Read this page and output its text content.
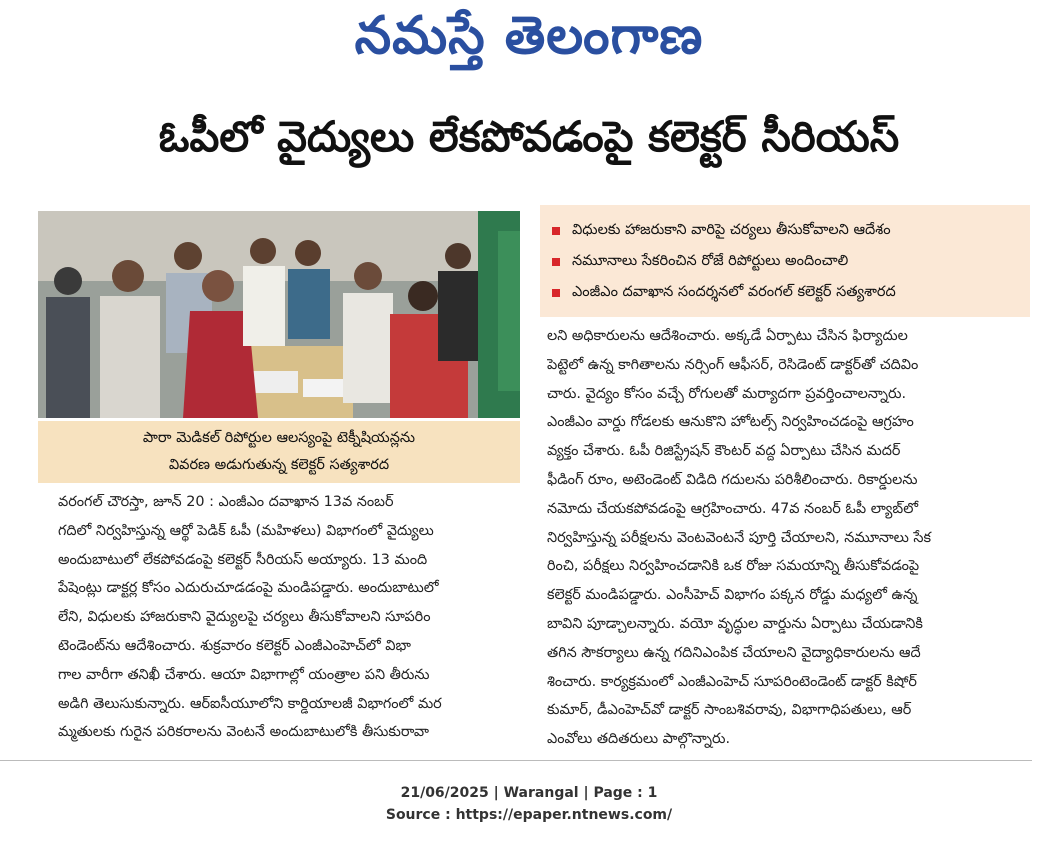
నమస్తే తెలంగాణ
ఓపీలో వైద్యులు లేకపోవడంపై కలెక్టర్ సీరియస్
పారా మెడికల్ రిపోర్టుల ఆలస్యంపై టెక్నీషియన్లను
వివరణ అడుగుతున్న కలెక్టర్ సత్యశారద
విధులకు హాజరుకాని వారిపై చర్యలు తీసుకోవాలని ఆదేశం
నమూనాలు సేకరించిన రోజే రిపోర్టులు అందించాలి
ఎంజీఎం దవాఖాన సందర్శనలో వరంగల్ కలెక్టర్ సత్యశారద
వరంగల్ చౌరస్తా, జూన్ 20 : ఎంజీఎం దవాఖాన 13వ నంబర్
గదిలో నిర్వహిస్తున్న ఆర్థో పెడిక్ ఓపీ (మహిళలు) విభాగంలో వైద్యులు
అందుబాటులో లేకపోవడంపై కలెక్టర్ సీరియస్ అయ్యారు. 13 మంది
పేషెంట్లు డాక్టర్ల కోసం ఎదురుచూడడంపై మండిపడ్డారు. అందుబాటులో
లేని, విధులకు హాజరుకాని వైద్యులపై చర్యలు తీసుకోవాలని సూపరిం
టెండెంట్‌ను ఆదేశించారు. శుక్రవారం కలెక్టర్ ఎంజీఎంహెచ్‌లో విభా
గాల వారీగా తనిఖీ చేశారు. ఆయా విభాగాల్లో యంత్రాల పని తీరును
అడిగి తెలుసుకున్నారు. ఆర్‌ఐసీయూలోని కార్డియాలజీ విభాగంలో మర
మ్మతులకు గురైన పరికరాలను వెంటనే అందుబాటులోకి తీసుకురావా
లని అధికారులను ఆదేశించారు. అక్కడే ఏర్పాటు చేసిన ఫిర్యాదుల
పెట్టెలో ఉన్న కాగితాలను నర్సింగ్ ఆఫీసర్, రెసిడెంట్ డాక్టర్‌తో చదివిం
చారు. వైద్యం కోసం వచ్చే రోగులతో మర్యాదగా ప్రవర్తించాలన్నారు.
ఎంజీఎం వార్డు గోడలకు ఆనుకొని హోటల్స్ నిర్వహించడంపై ఆగ్రహం
వ్యక్తం చేశారు. ఓపీ రిజిస్ట్రేషన్ కౌంటర్ వద్ద ఏర్పాటు చేసిన మదర్
ఫీడింగ్ రూం, అటెండెంట్ విడిది గదులను పరిశీలించారు. రికార్డులను
నమోదు చేయకపోవడంపై ఆగ్రహించారు. 47వ నంబర్ ఓపీ ల్యాబ్‌లో
నిర్వహిస్తున్న పరీక్షలను వెంటవెంటనే పూర్తి చేయాలని, నమూనాలు సేక
రించి, పరీక్షలు నిర్వహించడానికి ఒక రోజు సమయాన్ని తీసుకోవడంపై
కలెక్టర్ మండిపడ్డారు. ఎంసీహెచ్ విభాగం పక్కన రోడ్డు మధ్యలో ఉన్న
బావిని పూడ్చాలన్నారు. వయో వృద్ధుల వార్డును ఏర్పాటు చేయడానికి
తగిన సౌకర్యాలు ఉన్న గదినిఎంపిక చేయాలని వైద్యాధికారులను ఆదే
శించారు. కార్యక్రమంలో ఎంజీఎంహెచ్ సూపరింటెండెంట్ డాక్టర్ కిషోర్
కుమార్, డీఎంహెచ్‌వో డాక్టర్ సాంబశివరావు, విభాగాధిపతులు, ఆర్
ఎంవోలు తదితరులు పాల్గొన్నారు.
21/06/2025 | Warangal | Page : 1
Source : https://epaper.ntnews.com/
